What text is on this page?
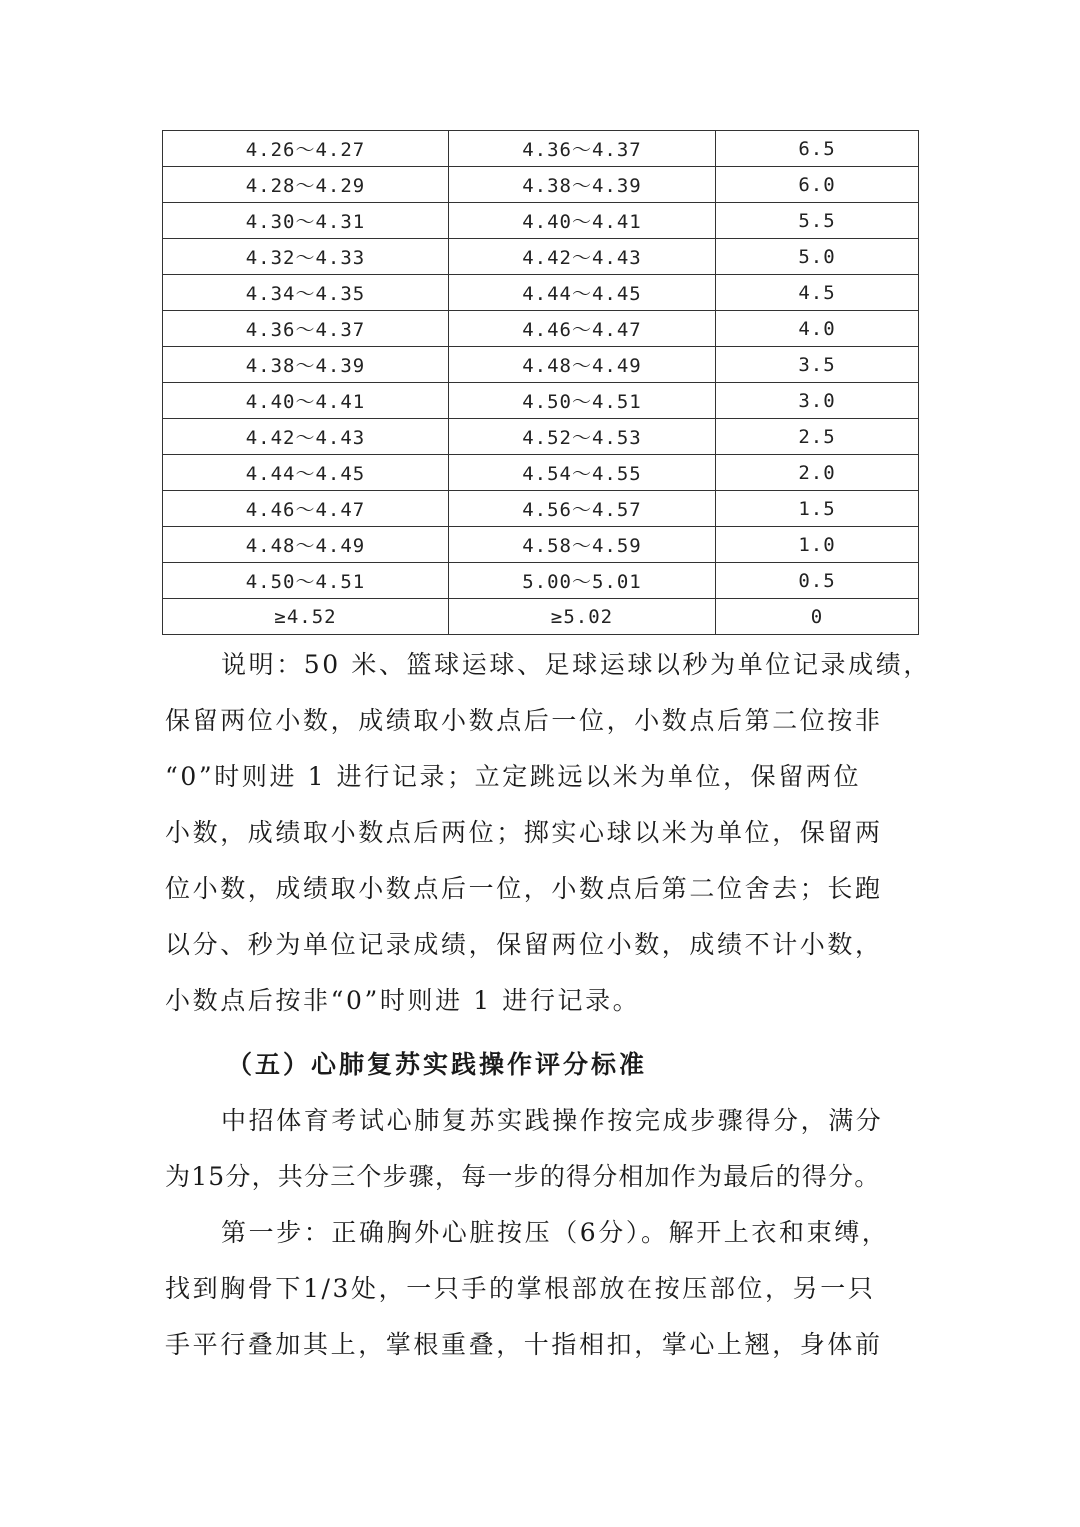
4.26～4.27	4.36～4.37	6.5
4.28～4.29	4.38～4.39	6.0
4.30～4.31	4.40～4.41	5.5
4.32～4.33	4.42～4.43	5.0
4.34～4.35	4.44～4.45	4.5
4.36～4.37	4.46～4.47	4.0
4.38～4.39	4.48～4.49	3.5
4.40～4.41	4.50～4.51	3.0
4.42～4.43	4.52～4.53	2.5
4.44～4.45	4.54～4.55	2.0
4.46～4.47	4.56～4.57	1.5
4.48～4.49	4.58～4.59	1.0
4.50～4.51	5.00～5.01	0.5
≥4.52	≥5.02	0
说明：50 米、篮球运球、足球运球以秒为单位记录成绩，
保留两位小数，成绩取小数点后一位，小数点后第二位按非
“0”时则进 1 进行记录；立定跳远以米为单位，保留两位
小数，成绩取小数点后两位；掷实心球以米为单位，保留两
位小数，成绩取小数点后一位，小数点后第二位舍去；长跑
以分、秒为单位记录成绩，保留两位小数，成绩不计小数，
小数点后按非“0”时则进 1 进行记录。
（五）心肺复苏实践操作评分标准
中招体育考试心肺复苏实践操作按完成步骤得分，满分
为15分，共分三个步骤，每一步的得分相加作为最后的得分。
第一步：正确胸外心脏按压（6分）。解开上衣和束缚，
找到胸骨下1/3处，一只手的掌根部放在按压部位，另一只
手平行叠加其上，掌根重叠，十指相扣，掌心上翘，身体前
